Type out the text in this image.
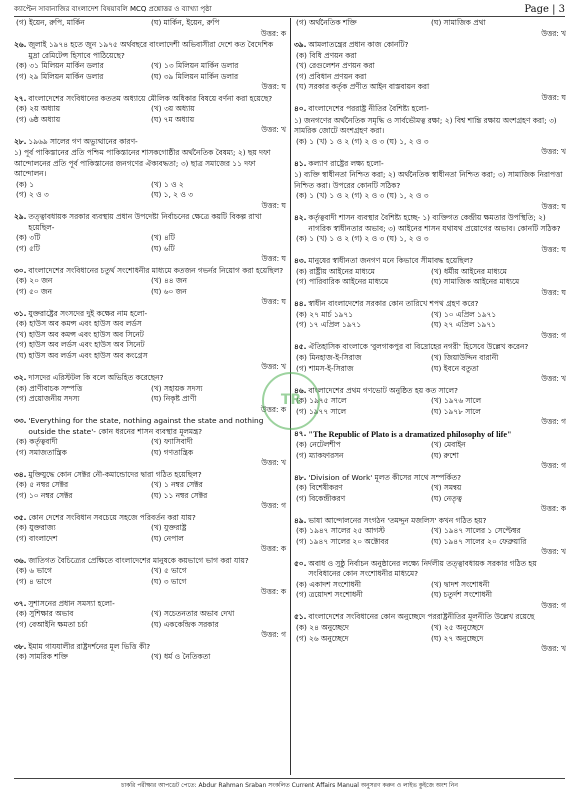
ক্যাপ্টেন সাবানাজির বাংলাদেশ বিষয়াবলি MCQ প্রশ্নোত্তর ও ব্যাখ্যা পৃষ্ঠা	Page | 3
(গ) ইয়েন, রুপি, মার্কিন	(ঘ) মার্কিন, ইয়েন, রুপি
উত্তর: ক
২৬. জুলাই ১৯৭৪ হতে জুন ১৯৭৫ অর্থবছরে বাংলাদেশী অভিবাসীরা দেশে কত বৈদেশিক মুদ্রা রেমিটেন্স হিসাবে পাঠিয়েছে?
(ক) ৩১ মিলিয়ন মার্কিন ডলার	(খ) ১৩ মিলিয়ন মার্কিন ডলার
(গ) ২৯ মিলিয়ন মার্কিন ডলার	(ঘ) ৩৯ মিলিয়ন মার্কিন ডলার
উত্তর: ঘ
২৭. বাংলাদেশের সংবিধানের কততম অধ্যায়ে মৌলিক অধিকার বিষয়ে বর্ণনা করা হয়েছে?
(ক) ২য় অধ্যায়	(খ) ৩য় অধ্যায়
(গ) ৬ষ্ঠ অধ্যায়	(ঘ) ৭ম অধ্যায়
উত্তর: খ
২৮. ১৯৬৯ সালের গণ অভ্যুত্থানের কারণ-
১) পূর্ব পাকিস্তানের প্রতি পশ্চিম পাকিস্তানের শাসকগোষ্ঠীর অর্থনৈতিক বৈষম্য; ২) ছয় দফা আন্দোলনের প্রতি পূর্ব পাকিস্তানের জনগণের ঐক্যবদ্ধতা; ৩) ছাত্র সমাজের ১১ দফা আন্দোলন।
(ক) ১	(খ) ১ ও ২
(গ) ২ ও ৩	(ঘ) ১, ২ ও ৩
উত্তর: ঘ
২৯. তত্ত্বাবধায়ক সরকার ব্যবস্থায় প্রধান উপদেষ্টা নির্বাচনের ক্ষেত্রে কয়টি বিকল্প রাখা হয়েছিল-
(ক) ৩টি	(খ) ৪টি
(গ) ৫টি	(ঘ) ৬টি
উত্তর: ঘ
৩০. বাংলাদেশের সংবিধানের চতুর্থ সংশোধনীর মাধ্যমে কতজন গভর্নর নিয়োগ করা হয়েছিল?
(ক) ২০ জন	(খ) ৪৪ জন
(গ) ৫০ জন	(ঘ) ৬০ জন
উত্তর: ঘ
৩১. যুক্তরাষ্ট্রের সংসদের দুই কক্ষের নাম হলো-
(ক) হাউস অব কমন্স এবং হাউস অব লর্ডস
(খ) হাউস অব কমন্স এবং হাউস অব সিনেট
(গ) হাউস অব লর্ডস এবং হাউস অব সিনেট
(ঘ) হাউস অব লর্ডস এবং হাউস অব কংগ্রেস
উত্তর: খ
৩২. দাসদের এরিস্টটল কি বলে অভিহিত করেছেন?
(ক) প্রাণীবাচক সম্পত্তি	(খ) সহায়ক সদস্য
(গ) প্রয়োজনীয় সদস্য	(ঘ) নিকৃষ্ট প্রাণী
উত্তর: ক
৩৩. 'Everything for the state, nothing against the state and nothing outside the state'- কোন ধরনের শাসন ব্যবস্থার মূলমন্ত্র?
(ক) কর্তৃত্ববাদী	(খ) ফ্যাসিবাদী
(গ) সমাজতান্ত্রিক	(ঘ) গণতান্ত্রিক
উত্তর: খ
৩৪. মুক্তিযুদ্ধে কোন সেক্টর নৌ-কমান্ডোদের দ্বারা গঠিত হয়েছিল?
(ক) ৫ নম্বর সেক্টর	(খ) ১ নম্বর সেক্টর
(গ) ১০ নম্বর সেক্টর	(ঘ) ১১ নম্বর সেক্টর
উত্তর: গ
৩৫. কোন দেশের সংবিধান সবচেয়ে সহজে পরিবর্তন করা যায়?
(ক) যুক্তরাজ্য	(খ) যুক্তরাষ্ট্র
(গ) বাংলাদেশ	(ঘ) নেপাল
উত্তর: ক
৩৬. জাতিগত বৈচিত্র্যের প্রেক্ষিতে বাংলাদেশের মানুষকে কয়ভাগে ভাগ করা যায়?
(ক) ৬ ভাগে	(খ) ৫ ভাগে
(গ) ৪ ভাগে	(ঘ) ৩ ভাগে
উত্তর: ক
৩৭. সুশাসনের প্রধান সমস্যা হলো-
(ক) সুশিক্ষার অভাব	(খ) সচেতনতার অভাব দেখা
(গ) বেআইনি ক্ষমতা চর্চা	(ঘ) এককেন্দ্রিক সরকার
উত্তর: গ
৩৮. ইমাম গাযযালীর রাষ্ট্রদর্শনের মূল ভিত্তি কী?
(ক) সামরিক শক্তি	(খ) ধর্ম ও নৈতিকতা
(গ) অর্থনৈতিক শক্তি	(ঘ) সামাজিক প্রথা
উত্তর: খ
৩৯. আমলাতন্ত্রের প্রধান কাজ কোনটি?
(ক) বিধি প্রণয়ন করা
(খ) রেগুলেশন প্রণয়ন করা
(গ) প্রবিধান প্রণয়ন করা
(ঘ) সরকার কর্তৃক প্রণীত আইন বাস্তবায়ন করা
উত্তর: ঘ
৪০. বাংলাদেশের পররাষ্ট্র নীতির বৈশিষ্ট্য হলো-
১) জনগণের অর্থনৈতিক সমৃদ্ধি ও সার্বভৌমত্ব রক্ষা; ২) বিশ্ব শান্তি রক্ষায় অংশগ্রহণ করা; ৩) সামরিক জোটে অংশগ্রহণ করা।
(ক) ১ (খ) ১ ও ২ (গ) ২ ও ৩ (ঘ) ১, ২ ও ৩
উত্তর: খ
৪১. কল্যাণ রাষ্ট্রের লক্ষ্য হলো-
১) ব্যক্তি স্বাধীনতা নিশ্চিত করা; ২) অর্থনৈতিক স্বাধীনতা নিশ্চিত করা; ৩) সামাজিক নিরাপত্তা নিশ্চিত করা। উপরের কোনটি সঠিক?
(ক) ১ (খ) ১ ও ২ (গ) ২ ও ৩ (ঘ) ১, ২ ও ৩
উত্তর: ঘ
৪২. কর্তৃত্ববাদী শাসন ব্যবস্থার বৈশিষ্ট্য হচ্ছে- ১) ব্যক্তিগত কেন্দ্রীয় ক্ষমতার উপস্থিতি; ২) নাগরিক স্বাধীনতার অভাব; ৩) আইনের শাসন যথাযথ প্রয়োগের অভাব। কোনটি সঠিক?
(ক) ১ (খ) ১ ও ২ (গ) ২ ও ৩ (ঘ) ১, ২ ও ৩
উত্তর: ঘ
৪৩. মানুষের স্বাধীনতা জনগণ মনে কিভাবে সীমাবদ্ধ হয়েছিল?
(ক) রাষ্ট্রীয় আইনের মাধ্যমে	(খ) ধর্মীয় আইনের মাধ্যমে
(গ) পারিবারিক আইনের মাধ্যমে	(ঘ) সামাজিক আইনের মাধ্যমে
উত্তর: ঘ
৪৪. স্বাধীন বাংলাদেশের সরকার কোন তারিখে শপথ গ্রহণ করে?
(ক) ২৭ মার্চ ১৯৭১	(খ) ১০ এপ্রিল ১৯৭১
(গ) ১৭ এপ্রিল ১৯৭১	(ঘ) ২৭ এপ্রিল ১৯৭১
উত্তর: গ
৪৫. ঐতিহাসিক বাংলাকে 'বুলগাকপুর বা বিদ্রোহের নগরী' হিসেবে উল্লেখ করেন?
(ক) মিনহাজ-ই-সিরাজ	(খ) জিয়াউদ্দিন বারানী
(গ) শামস-ই-সিরাজ	(ঘ) ইবনে বতুতা
উত্তর: খ
৪৬. বাংলাদেশের প্রথম গণভোট অনুষ্ঠিত হয় কত সালে?
(ক) ১৯৭৫ সালে	(খ) ১৯৭৬ সালে
(গ) ১৯৭৭ সালে	(ঘ) ১৯৭৮ সালে
উত্তর: গ
৪৭. "The Republic of Plato is a dramatized philosophy of life"
(ক) নেটেলশীপ	(খ) মেবাইন
(গ) ম্যাকফারসন	(ঘ) রুশো
উত্তর: গ
৪৮. 'Division of Work' মূলত কীসের সাথে সম্পর্কিত?
(ক) বিশেষীকরণ	(খ) সমন্বয়
(গ) বিকেন্দ্রীকরণ	(ঘ) নেতৃত্ব
উত্তর: ক
৪৯. ভাষা আন্দোলনের সংগঠন 'তমদ্দুন মজলিস' কখন গঠিত হয়?
(ক) ১৯৪৭ সালের ২৫ আগস্ট	(খ) ১৯৪৭ সালের ১ সেপ্টেম্বর
(গ) ১৯৪৭ সালের ২০ অক্টোবর	(ঘ) ১৯৪৭ সালের ২০ ফেব্রুয়ারি
উত্তর: খ
৫০. অবাধ ও সুষ্ঠু নির্বাচন অনুষ্ঠানের লক্ষ্যে নির্দলীয় তত্ত্বাবধায়ক সরকার গঠিত হয় সংবিধানের কোন সংশোধনীর মাধ্যমে?
(ক) একাদশ সংশোধনী	(খ) দ্বাদশ সংশোধনী
(গ) ত্রয়োদশ সংশোধনী	(ঘ) চতুর্দশ সংশোধনী
উত্তর: গ
৫১. বাংলাদেশের সংবিধানের কোন অনুচ্ছেদে পররাষ্ট্রনীতির মূলনীতি উল্লেখ রয়েছে
(ক) ২৪ অনুচ্ছেদে	(খ) ২৫ অনুচ্ছেদে
(গ) ২৬ অনুচ্ছেদে	(ঘ) ২৭ অনুচ্ছেদে
উত্তর: খ
TR
চাকরি পরীক্ষার আপডেট পেতে: Abdur Rahman Sraban সংকলিত Current Affairs Manual অনুসরণ করুন ও লাইভ কুইজে অংশ নিন
